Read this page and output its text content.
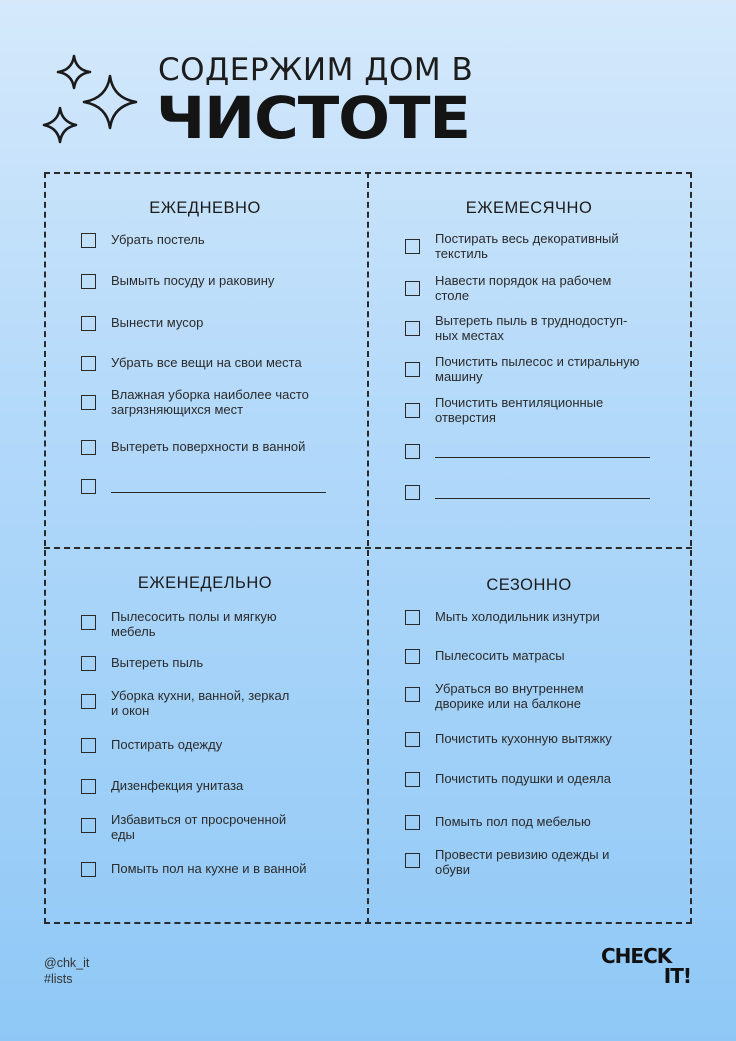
СОДЕРЖИМ ДОМ В
ЧИСТОТЕ
ЕЖЕДНЕВНО
Убрать постель
Вымыть посуду и раковину
Вынести мусор
Убрать все вещи на свои места
Влажная уборка наиболее часто
загрязняющихся мест
Вытереть поверхности в ванной
ЕЖЕМЕСЯЧНО
Постирать весь декоративный
текстиль
Навести порядок на рабочем
столе
Вытереть пыль в труднодоступ-
ных местах
Почистить пылесос и стиральную
машину
Почистить вентиляционные
отверстия
ЕЖЕНЕДЕЛЬНО
Пылесосить полы и мягкую
мебель
Вытереть пыль
Уборка кухни, ванной, зеркал
и окон
Постирать одежду
Дизенфекция унитаза
Избавиться от просроченной
еды
Помыть пол на кухне и в ванной
СЕЗОННО
Мыть холодильник изнутри
Пылесосить матрасы
Убраться во внутреннем
дворике или на балконе
Почистить кухонную вытяжку
Почистить подушки и одеяла
Помыть пол под мебелью
Провести ревизию одежды и
обуви
@chk_it
#lists
CHECK
IT!
